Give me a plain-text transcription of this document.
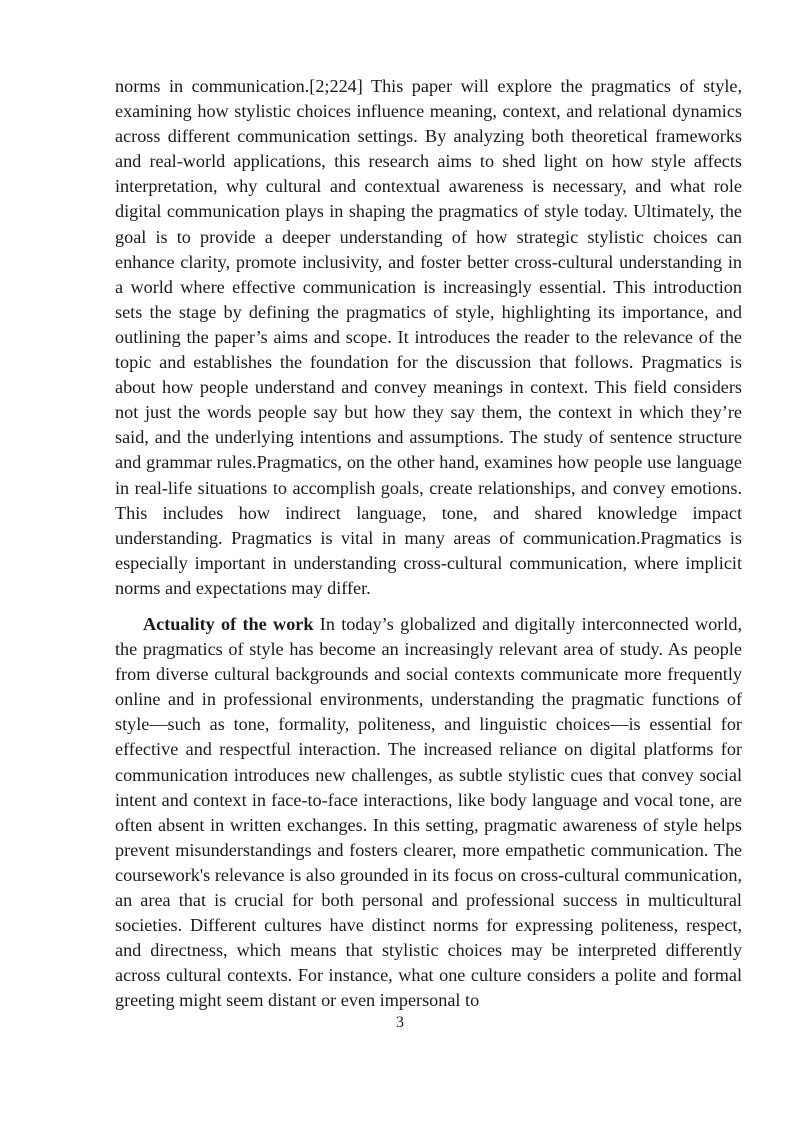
norms in communication.[2;224] This paper will explore the pragmatics of style, examining how stylistic choices influence meaning, context, and relational dynamics across different communication settings. By analyzing both theoretical frameworks and real-world applications, this research aims to shed light on how style affects interpretation, why cultural and contextual awareness is necessary, and what role digital communication plays in shaping the pragmatics of style today. Ultimately, the goal is to provide a deeper understanding of how strategic stylistic choices can enhance clarity, promote inclusivity, and foster better cross-cultural understanding in a world where effective communication is increasingly essential. This introduction sets the stage by defining the pragmatics of style, highlighting its importance, and outlining the paper’s aims and scope. It introduces the reader to the relevance of the topic and establishes the foundation for the discussion that follows. Pragmatics is about how people understand and convey meanings in context. This field considers not just the words people say but how they say them, the context in which they’re said, and the underlying intentions and assumptions. The study of sentence structure and grammar rules.Pragmatics, on the other hand, examines how people use language in real-life situations to accomplish goals, create relationships, and convey emotions. This includes how indirect language, tone, and shared knowledge impact understanding. Pragmatics is vital in many areas of communication.Pragmatics is especially important in understanding cross-cultural communication, where implicit norms and expectations may differ.

Actuality of the work In today’s globalized and digitally interconnected world, the pragmatics of style has become an increasingly relevant area of study. As people from diverse cultural backgrounds and social contexts communicate more frequently online and in professional environments, understanding the pragmatic functions of style—such as tone, formality, politeness, and linguistic choices—is essential for effective and respectful interaction. The increased reliance on digital platforms for communication introduces new challenges, as subtle stylistic cues that convey social intent and context in face-to-face interactions, like body language and vocal tone, are often absent in written exchanges. In this setting, pragmatic awareness of style helps prevent misunderstandings and fosters clearer, more empathetic communication. The coursework's relevance is also grounded in its focus on cross-cultural communication, an area that is crucial for both personal and professional success in multicultural societies. Different cultures have distinct norms for expressing politeness, respect, and directness, which means that stylistic choices may be interpreted differently across cultural contexts. For instance, what one culture considers a polite and formal greeting might seem distant or even impersonal to

3
